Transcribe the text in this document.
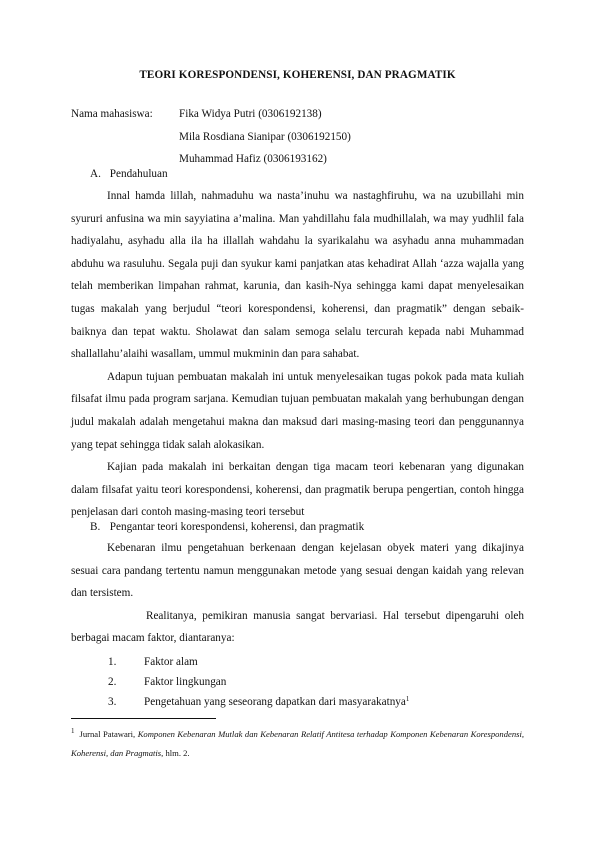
TEORI KORESPONDENSI, KOHERENSI, DAN PRAGMATIK
Nama mahasiswa: Fika Widya Putri (0306192138)
Mila Rosdiana Sianipar (0306192150)
Muhammad Hafiz (0306193162)
A. Pendahuluan

Innal hamda lillah, nahmaduhu wa nasta’inuhu wa nastaghfiruhu, wa na uzubillahi min syururi anfusina wa min sayyiatina a’malina. Man yahdillahu fala mudhillalah, wa may yudhlil fala hadiyalahu, asyhadu alla ila ha illallah wahdahu la syarikalahu wa asyhadu anna muhammadan abduhu wa rasuluhu. Segala puji dan syukur kami panjatkan atas kehadirat Allah ‘azza wajalla yang telah memberikan limpahan rahmat, karunia, dan kasih-Nya sehingga kami dapat menyelesaikan tugas makalah yang berjudul “teori korespondensi, koherensi, dan pragmatik” dengan sebaik-baiknya dan tepat waktu. Sholawat dan salam semoga selalu tercurah kepada nabi Muhammad shallallahu’alaihi wasallam, ummul mukminin dan para sahabat.

Adapun tujuan pembuatan makalah ini untuk menyelesaikan tugas pokok pada mata kuliah filsafat ilmu pada program sarjana. Kemudian tujuan pembuatan makalah yang berhubungan dengan judul makalah adalah mengetahui makna dan maksud dari masing-masing teori dan penggunannya yang tepat sehingga tidak salah alokasikan.

Kajian pada makalah ini berkaitan dengan tiga macam teori kebenaran yang digunakan dalam filsafat yaitu teori korespondensi, koherensi, dan pragmatik berupa pengertian, contoh hingga penjelasan dari contoh masing-masing teori tersebut

B. Pengantar teori korespondensi, koherensi, dan pragmatik

Kebenaran ilmu pengetahuan berkenaan dengan kejelasan obyek materi yang dikajinya sesuai cara pandang tertentu namun menggunakan metode yang sesuai dengan kaidah yang relevan dan tersistem.

Realitanya, pemikiran manusia sangat bervariasi. Hal tersebut dipengaruhi oleh berbagai macam faktor, diantaranya:

1. Faktor alam
2. Faktor lingkungan
3. Pengetahuan yang seseorang dapatkan dari masyarakatnya$^1$
$^1$ Jurnal Patawari, Komponen Kebenaran Mutlak dan Kebenaran Relatif Antitesa terhadap Komponen Kebenaran Korespondensi, Koherensi, dan Pragmatis, hlm. 2.
